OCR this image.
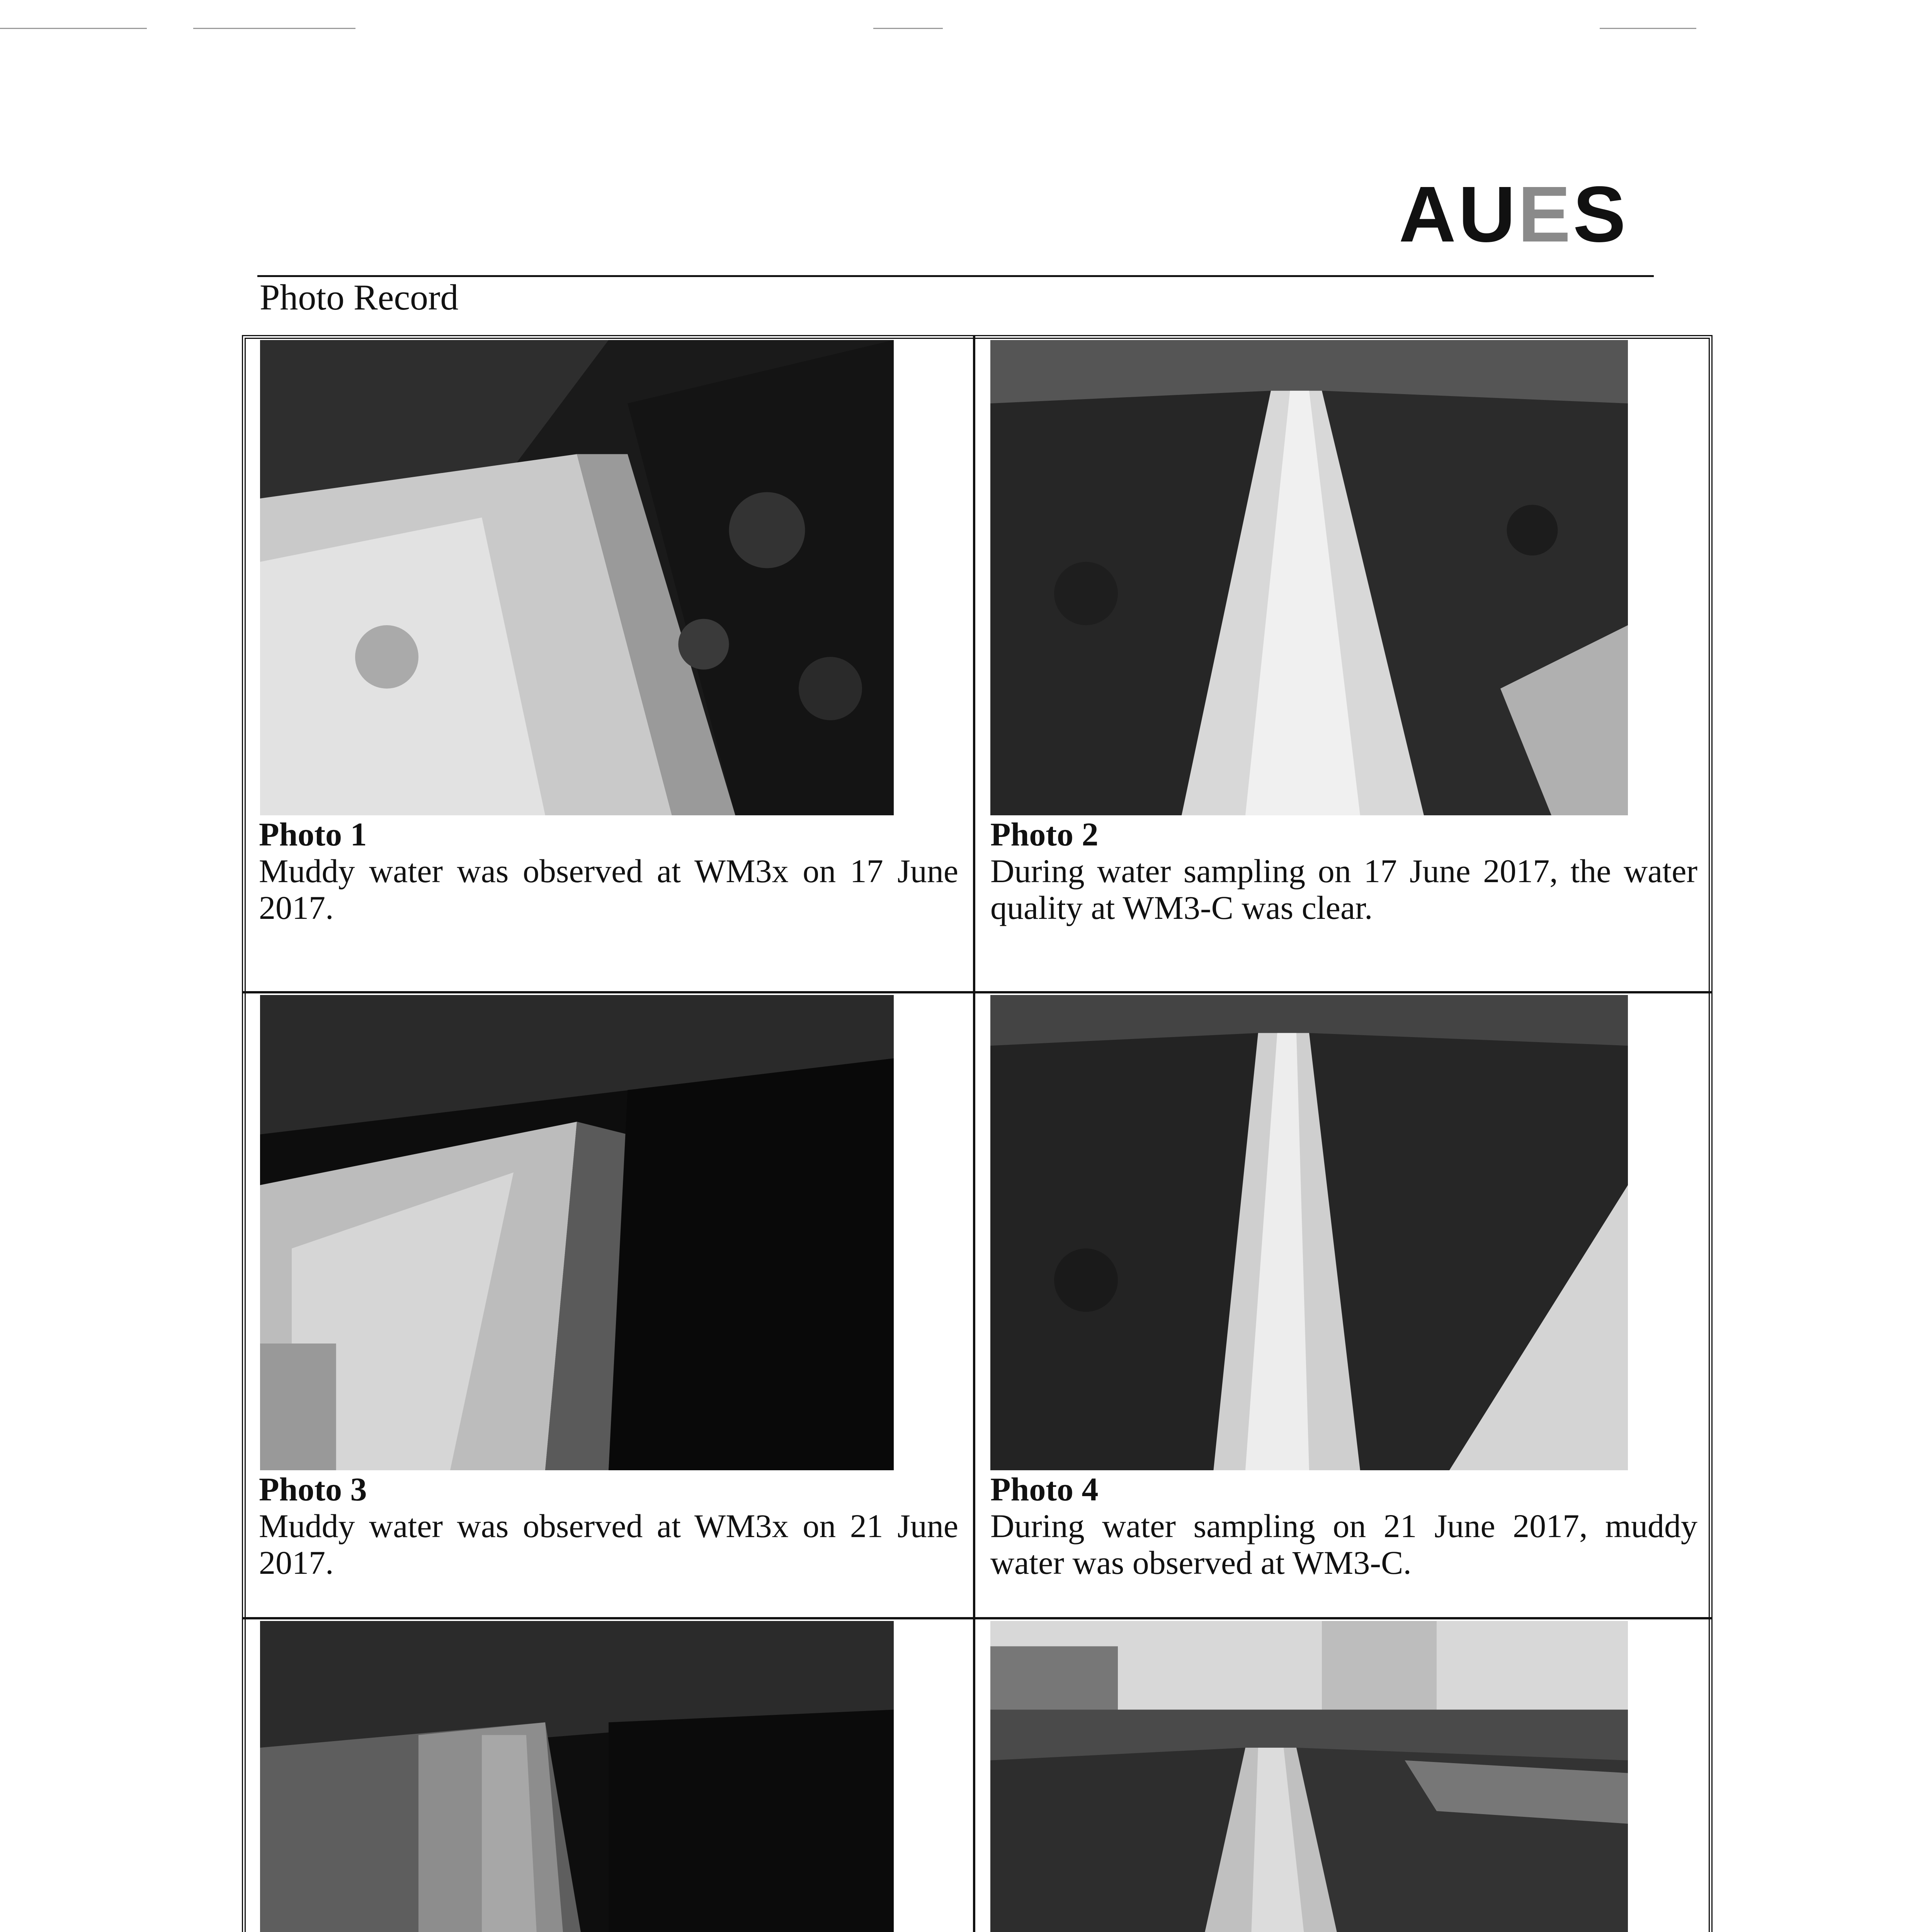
AUES
Photo Record
Photo 1
Muddy water was observed at WM3x on 17 June 2017.
Photo 2
During water sampling on 17 June 2017, the water quality at WM3-C was clear.
Photo 3
Muddy water was observed at WM3x on 21 June 2017.
Photo 4
During water sampling on 21 June 2017, muddy water was observed at WM3-C.
